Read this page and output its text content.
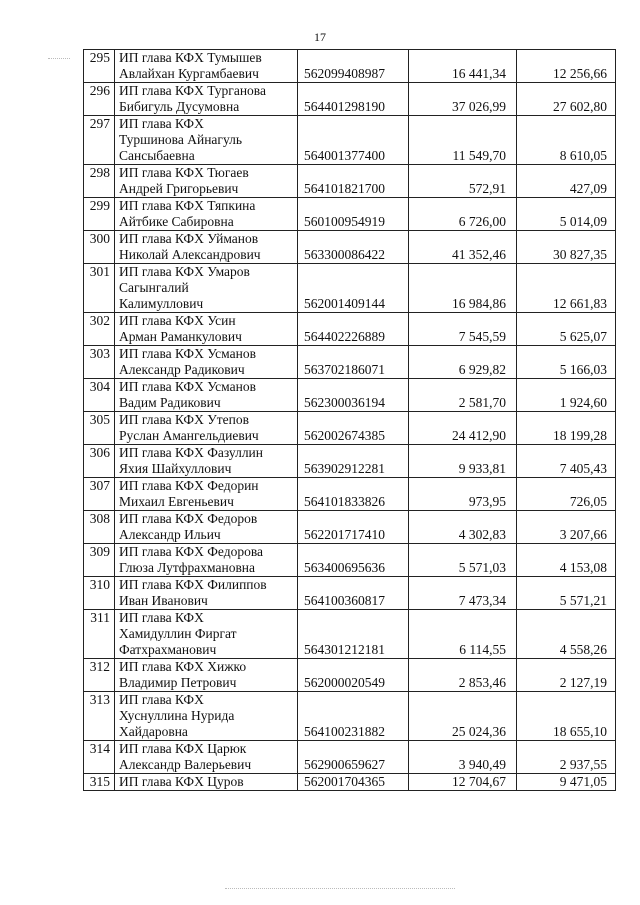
17
295	ИП глава КФХ Тумышев
Авлайхан Кургамбаевич	562099408987	16 441,34	12 256,66
296	ИП глава КФХ Турганова
Бибигуль Дусумовна	564401298190	37 026,99	27 602,80
297	ИП глава КФХ
Туршинова Айнагуль
Сансыбаевна	564001377400	11 549,70	8 610,05
298	ИП глава КФХ Тюгаев
Андрей Григорьевич	564101821700	572,91	427,09
299	ИП глава КФХ Тяпкина
Айтбике Сабировна	560100954919	6 726,00	5 014,09
300	ИП глава КФХ Уйманов
Николай Александрович	563300086422	41 352,46	30 827,35
301	ИП глава КФХ Умаров
Сагынгалий
Калимуллович	562001409144	16 984,86	12 661,83
302	ИП глава КФХ Усин
Арман Раманкулович	564402226889	7 545,59	5 625,07
303	ИП глава КФХ Усманов
Александр Радикович	563702186071	6 929,82	5 166,03
304	ИП глава КФХ Усманов
Вадим Радикович	562300036194	2 581,70	1 924,60
305	ИП глава КФХ Утепов
Руслан Амангельдиевич	562002674385	24 412,90	18 199,28
306	ИП глава КФХ Фазуллин
Яхия Шайхуллович	563902912281	9 933,81	7 405,43
307	ИП глава КФХ Федорин
Михаил Евгеньевич	564101833826	973,95	726,05
308	ИП глава КФХ Федоров
Александр Ильич	562201717410	4 302,83	3 207,66
309	ИП глава КФХ Федорова
Глюза Лутфрахмановна	563400695636	5 571,03	4 153,08
310	ИП глава КФХ Филиппов
Иван Иванович	564100360817	7 473,34	5 571,21
311	ИП глава КФХ
Хамидуллин Фиргат
Фатхрахманович	564301212181	6 114,55	4 558,26
312	ИП глава КФХ Хижко
Владимир Петрович	562000020549	2 853,46	2 127,19
313	ИП глава КФХ
Хуснуллина Нурида
Хайдаровна	564100231882	25 024,36	18 655,10
314	ИП глава КФХ Царюк
Александр Валерьевич	562900659627	3 940,49	2 937,55
315	ИП глава КФХ Цуров	562001704365	12 704,67	9 471,05
